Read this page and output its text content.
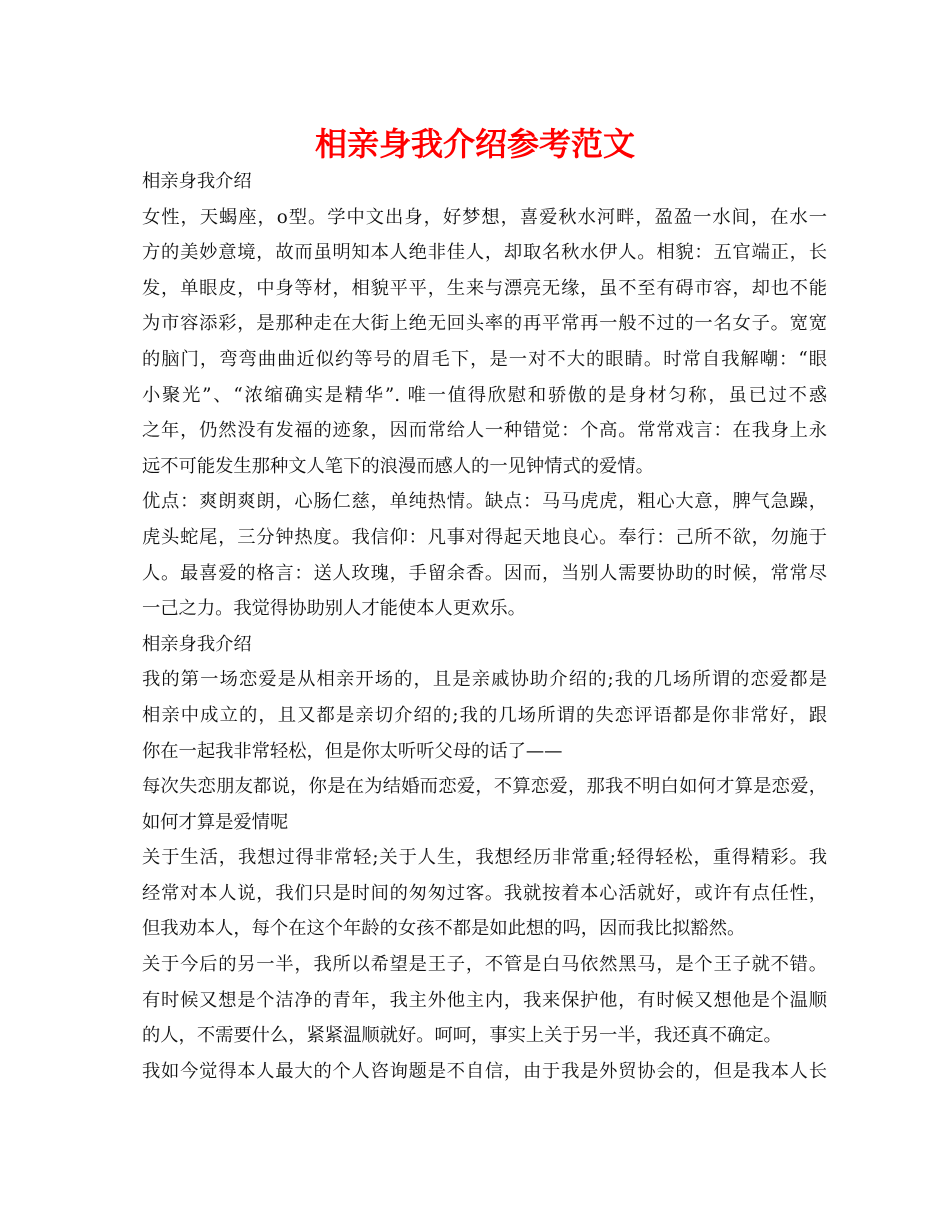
相亲身我介绍参考范文
相亲身我介绍
女性，天蝎座，o型。学中文出身，好梦想，喜爱秋水河畔，盈盈一水间，在水一
方的美妙意境，故而虽明知本人绝非佳人，却取名秋水伊人。相貌：五官端正，长
发，单眼皮，中身等材，相貌平平，生来与漂亮无缘，虽不至有碍市容，却也不能
为市容添彩，是那种走在大街上绝无回头率的再平常再一般不过的一名女子。宽宽
的脑门，弯弯曲曲近似约等号的眉毛下，是一对不大的眼睛。时常自我解嘲：“眼
小聚光”、“浓缩确实是精华”. 唯一值得欣慰和骄傲的是身材匀称，虽已过不惑
之年，仍然没有发福的迹象，因而常给人一种错觉：个高。常常戏言：在我身上永
远不可能发生那种文人笔下的浪漫而感人的一见钟情式的爱情。
优点：爽朗爽朗，心肠仁慈，单纯热情。缺点：马马虎虎，粗心大意，脾气急躁，
虎头蛇尾，三分钟热度。我信仰：凡事对得起天地良心。奉行：己所不欲，勿施于
人。最喜爱的格言：送人玫瑰，手留余香。因而，当别人需要协助的时候，常常尽
一己之力。我觉得协助别人才能使本人更欢乐。
相亲身我介绍
我的第一场恋爱是从相亲开场的，且是亲戚协助介绍的;我的几场所谓的恋爱都是
相亲中成立的，且又都是亲切介绍的;我的几场所谓的失恋评语都是你非常好，跟
你在一起我非常轻松，但是你太听听父母的话了——
每次失恋朋友都说，你是在为结婚而恋爱，不算恋爱，那我不明白如何才算是恋爱，
如何才算是爱情呢
关于生活，我想过得非常轻;关于人生，我想经历非常重;轻得轻松，重得精彩。我
经常对本人说，我们只是时间的匆匆过客。我就按着本心活就好，或许有点任性，
但我劝本人，每个在这个年龄的女孩不都是如此想的吗，因而我比拟豁然。
关于今后的另一半，我所以希望是王子，不管是白马依然黑马，是个王子就不错。
有时候又想是个洁净的青年，我主外他主内，我来保护他，有时候又想他是个温顺
的人，不需要什么，紧紧温顺就好。呵呵，事实上关于另一半，我还真不确定。
我如今觉得本人最大的个人咨询题是不自信，由于我是外贸协会的，但是我本人长
